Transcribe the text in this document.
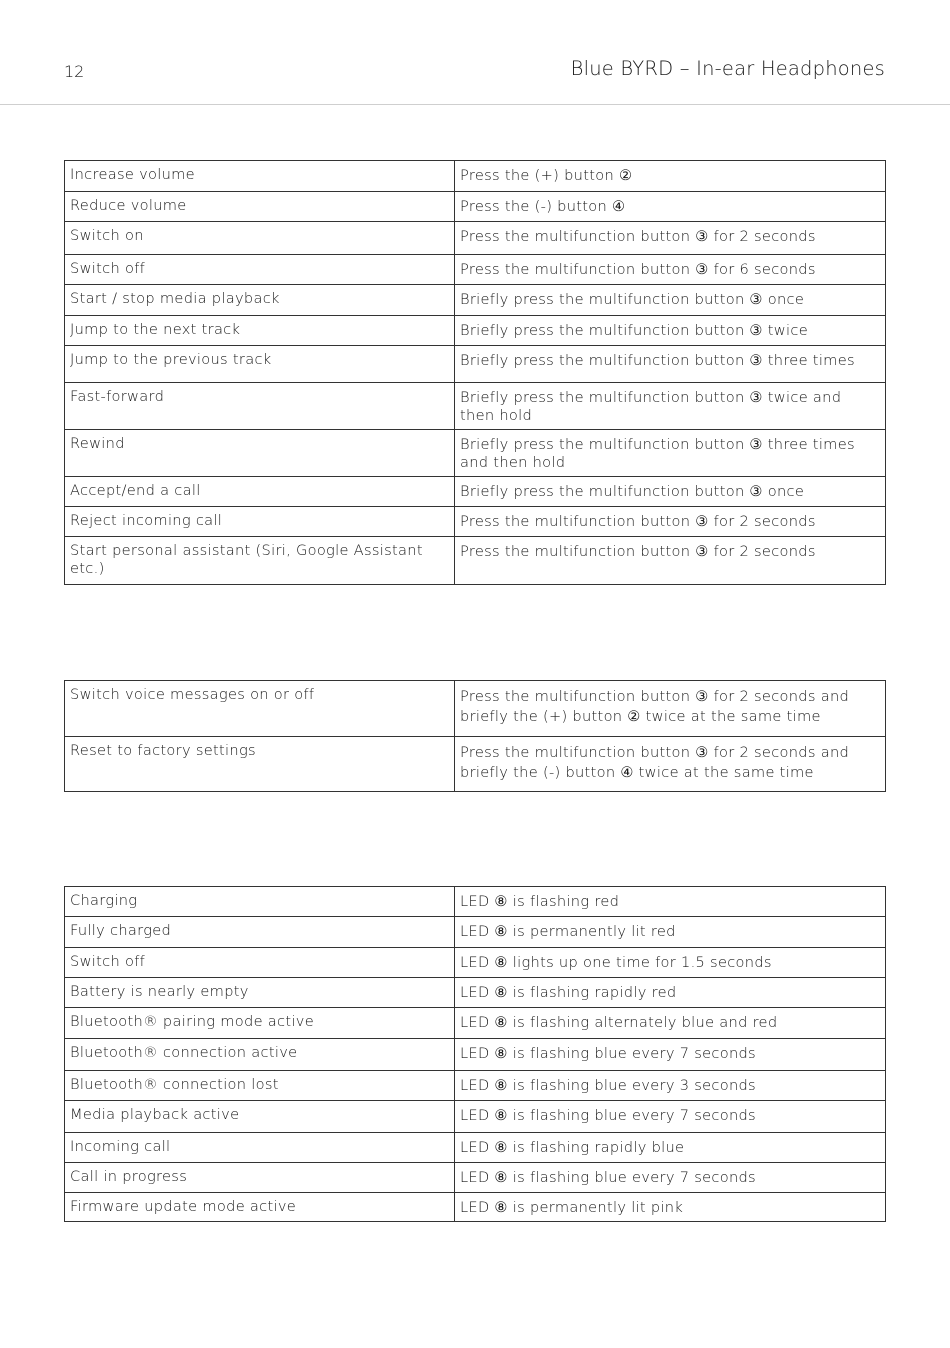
12	Blue BYRD – In-ear Headphones
Increase volume	Press the (+) button ②
Reduce volume	Press the (-) button ④
Switch on	Press the multifunction button ③ for 2 seconds
Switch off	Press the multifunction button ③ for 6 seconds
Start / stop media playback	Briefly press the multifunction button ③ once
Jump to the next track	Briefly press the multifunction button ③ twice
Jump to the previous track	Briefly press the multifunction button ③ three times
Fast-forward	Briefly press the multifunction button ③ twice and then hold
Rewind	Briefly press the multifunction button ③ three times and then hold
Accept/end a call	Briefly press the multifunction button ③ once
Reject incoming call	Press the multifunction button ③ for 2 seconds
Start personal assistant (Siri, Google Assistant etc.)	Press the multifunction button ③ for 2 seconds
Switch voice messages on or off	Press the multifunction button ③ for 2 seconds and briefly the (+) button ② twice at the same time
Reset to factory settings	Press the multifunction button ③ for 2 seconds and briefly the (-) button ④ twice at the same time
Charging	LED ⑧ is flashing red
Fully charged	LED ⑧ is permanently lit red
Switch off	LED ⑧ lights up one time for 1.5 seconds
Battery is nearly empty	LED ⑧ is flashing rapidly red
Bluetooth® pairing mode active	LED ⑧ is flashing alternately blue and red
Bluetooth® connection active	LED ⑧ is flashing blue every 7 seconds
Bluetooth® connection lost	LED ⑧ is flashing blue every 3 seconds
Media playback active	LED ⑧ is flashing blue every 7 seconds
Incoming call	LED ⑧ is flashing rapidly blue
Call in progress	LED ⑧ is flashing blue every 7 seconds
Firmware update mode active	LED ⑧ is permanently lit pink
